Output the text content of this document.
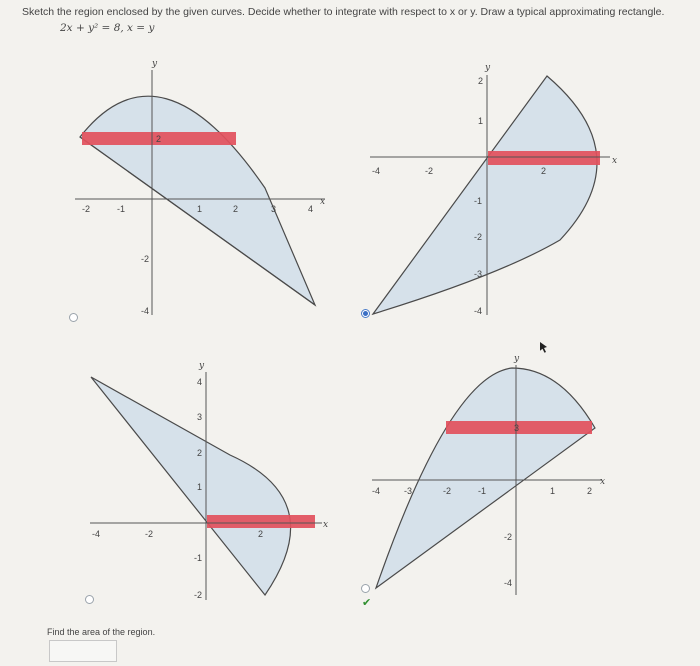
Sketch the region enclosed by the given curves. Decide whether to integrate with respect to x or y. Draw a typical approximating rectangle.
2x + y² = 8, x = y
y
x
-2	-1	1	2	3	4
2
-2
-4
y
x
-4	-2	2
2
1
-1
-2
-3
-4
y
x
-4	-2	2
4
3
2
1
-1
-2
y
x
-4	-3	-2	-1	1	2
3
-2
-4
✔
Find the area of the region.
